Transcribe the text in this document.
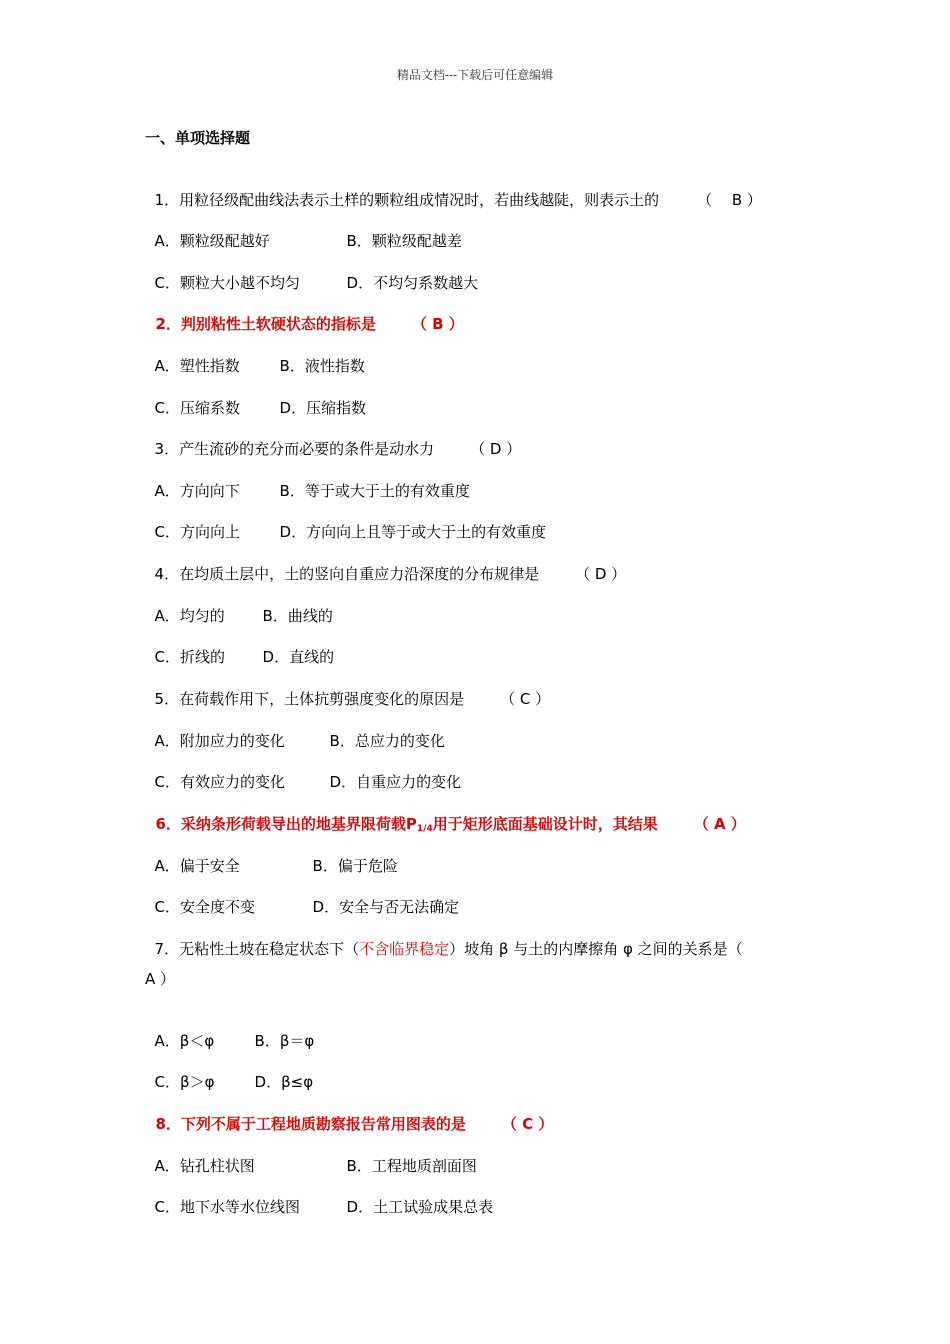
精品文档---下载后可任意编辑
一、单项选择题

1．用粒径级配曲线法表示土样的颗粒组成情况时，若曲线越陡，则表示土的	（　 B ）

A．颗粒级配越好	B．颗粒级配越差

C．颗粒大小越不均匀	D．不均匀系数越大

2．判别粘性土软硬状态的指标是 （ B ）

A．塑性指数	B．液性指数

C．压缩系数	D．压缩指数

3．产生流砂的充分而必要的条件是动水力 （ D ）

A．方向向下	B．等于或大于土的有效重度

C．方向向上	D．方向向上且等于或大于土的有效重度

4．在均质土层中，土的竖向自重应力沿深度的分布规律是 （ D ）

A．均匀的	B．曲线的

C．折线的	D．直线的

5．在荷载作用下，土体抗剪强度变化的原因是 （ C ）

A．附加应力的变化	B．总应力的变化

C．有效应力的变化	D．自重应力的变化

6．采纳条形荷载导出的地基界限荷载$P_{1/4}$用于矩形底面基础设计时，其结果 （ A ）

A．偏于安全	B．偏于危险

C．安全度不变	D．安全与否无法确定

7．无粘性土坡在稳定状态下（不含临界稳定）坡角 β 与土的内摩擦角 φ 之间的关系是（

A ）

A．β＜φ	B．β＝φ

C．β＞φ	D．β≤φ

8．下列不属于工程地质勘察报告常用图表的是 （ C ）

A．钻孔柱状图	B．工程地质剖面图

C．地下水等水位线图	D．土工试验成果总表
